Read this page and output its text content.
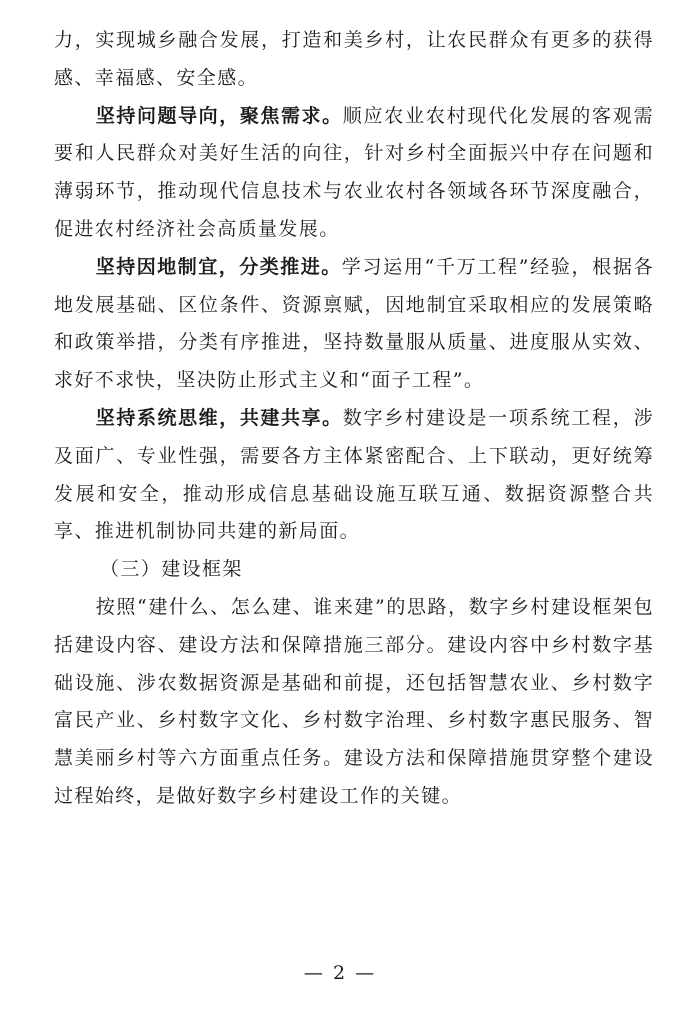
力，实现城乡融合发展，打造和美乡村，让农民群众有更多的获得感、幸福感、安全感。

坚持问题导向，聚焦需求。顺应农业农村现代化发展的客观需要和人民群众对美好生活的向往，针对乡村全面振兴中存在问题和薄弱环节，推动现代信息技术与农业农村各领域各环节深度融合，促进农村经济社会高质量发展。

坚持因地制宜，分类推进。学习运用“千万工程”经验，根据各地发展基础、区位条件、资源禀赋，因地制宜采取相应的发展策略和政策举措，分类有序推进，坚持数量服从质量、进度服从实效、求好不求快，坚决防止形式主义和“面子工程”。

坚持系统思维，共建共享。数字乡村建设是一项系统工程，涉及面广、专业性强，需要各方主体紧密配合、上下联动，更好统筹发展和安全，推动形成信息基础设施互联互通、数据资源整合共享、推进机制协同共建的新局面。

（三）建设框架

按照“建什么、怎么建、谁来建”的思路，数字乡村建设框架包括建设内容、建设方法和保障措施三部分。建设内容中乡村数字基础设施、涉农数据资源是基础和前提，还包括智慧农业、乡村数字富民产业、乡村数字文化、乡村数字治理、乡村数字惠民服务、智慧美丽乡村等六方面重点任务。建设方法和保障措施贯穿整个建设过程始终，是做好数字乡村建设工作的关键。

— 2 —
